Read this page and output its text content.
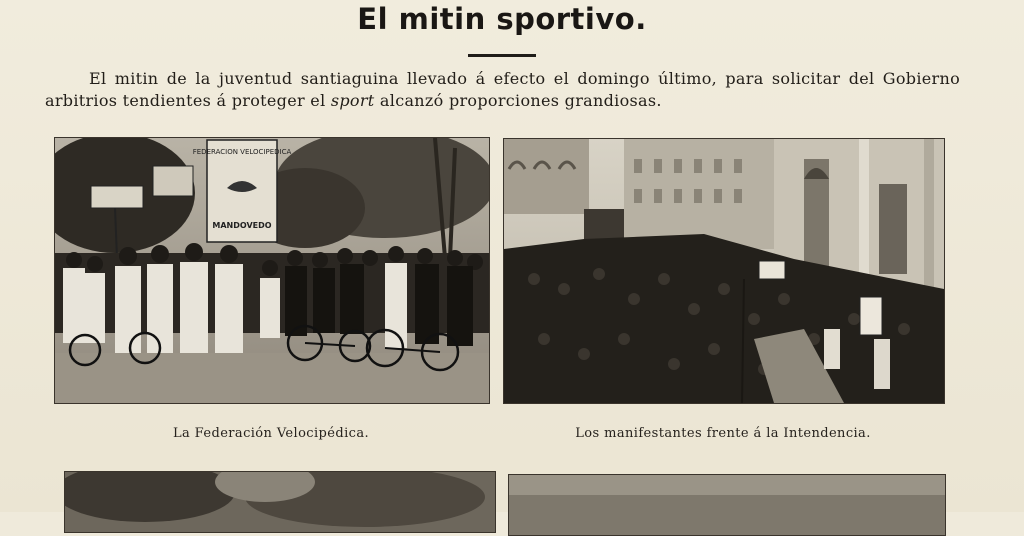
El mitin sportivo.

El mitin de la juventud santiaguina llevado á efecto el domingo último, para solicitar del Gobierno arbitrios tendientes á proteger el sport alcanzó proporciones grandiosas.

FEDERACION VELOCIPEDICA
MANDOVEDO
La Federación Velocipédica.	Los manifestantes frente á la Intendencia.
